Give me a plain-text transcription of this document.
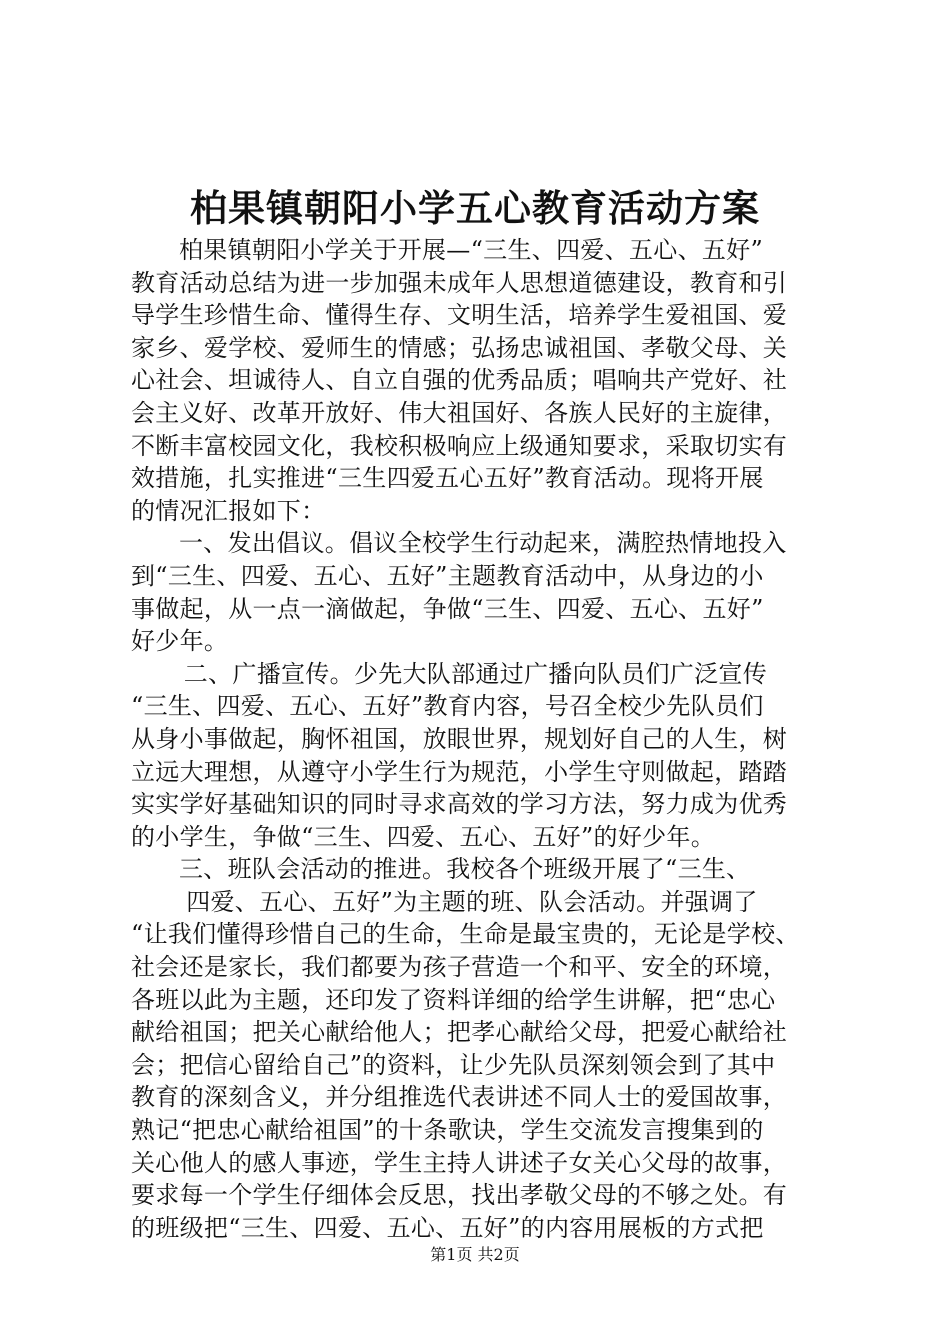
柏果镇朝阳小学五心教育活动方案
柏果镇朝阳小学关于开展—“三生、四爱、五心、五好”
教育活动总结为进一步加强未成年人思想道德建设，教育和引
导学生珍惜生命、懂得生存、文明生活，培养学生爱祖国、爱
家乡、爱学校、爱师生的情感；弘扬忠诚祖国、孝敬父母、关
心社会、坦诚待人、自立自强的优秀品质；唱响共产党好、社
会主义好、改革开放好、伟大祖国好、各族人民好的主旋律，
不断丰富校园文化，我校积极响应上级通知要求，采取切实有
效措施，扎实推进“三生四爱五心五好”教育活动。现将开展
的情况汇报如下：
一、发出倡议。倡议全校学生行动起来，满腔热情地投入
到“三生、四爱、五心、五好”主题教育活动中，从身边的小
事做起，从一点一滴做起，争做“三生、四爱、五心、五好”
好少年。
二、广播宣传。少先大队部通过广播向队员们广泛宣传
“三生、四爱、五心、五好”教育内容，号召全校少先队员们
从身小事做起，胸怀祖国，放眼世界，规划好自己的人生，树
立远大理想，从遵守小学生行为规范，小学生守则做起，踏踏
实实学好基础知识的同时寻求高效的学习方法，努力成为优秀
的小学生，争做“三生、四爱、五心、五好”的好少年。
三、班队会活动的推进。我校各个班级开展了“三生、
四爱、五心、五好”为主题的班、队会活动。并强调了
“让我们懂得珍惜自己的生命，生命是最宝贵的，无论是学校、
社会还是家长，我们都要为孩子营造一个和平、安全的环境，
各班以此为主题，还印发了资料详细的给学生讲解，把“忠心
献给祖国；把关心献给他人；把孝心献给父母，把爱心献给社
会；把信心留给自己”的资料，让少先队员深刻领会到了其中
教育的深刻含义，并分组推选代表讲述不同人士的爱国故事，
熟记“把忠心献给祖国”的十条歌诀，学生交流发言搜集到的
关心他人的感人事迹，学生主持人讲述子女关心父母的故事，
要求每一个学生仔细体会反思，找出孝敬父母的不够之处。有
的班级把“三生、四爱、五心、五好”的内容用展板的方式把
第1页 共2页
